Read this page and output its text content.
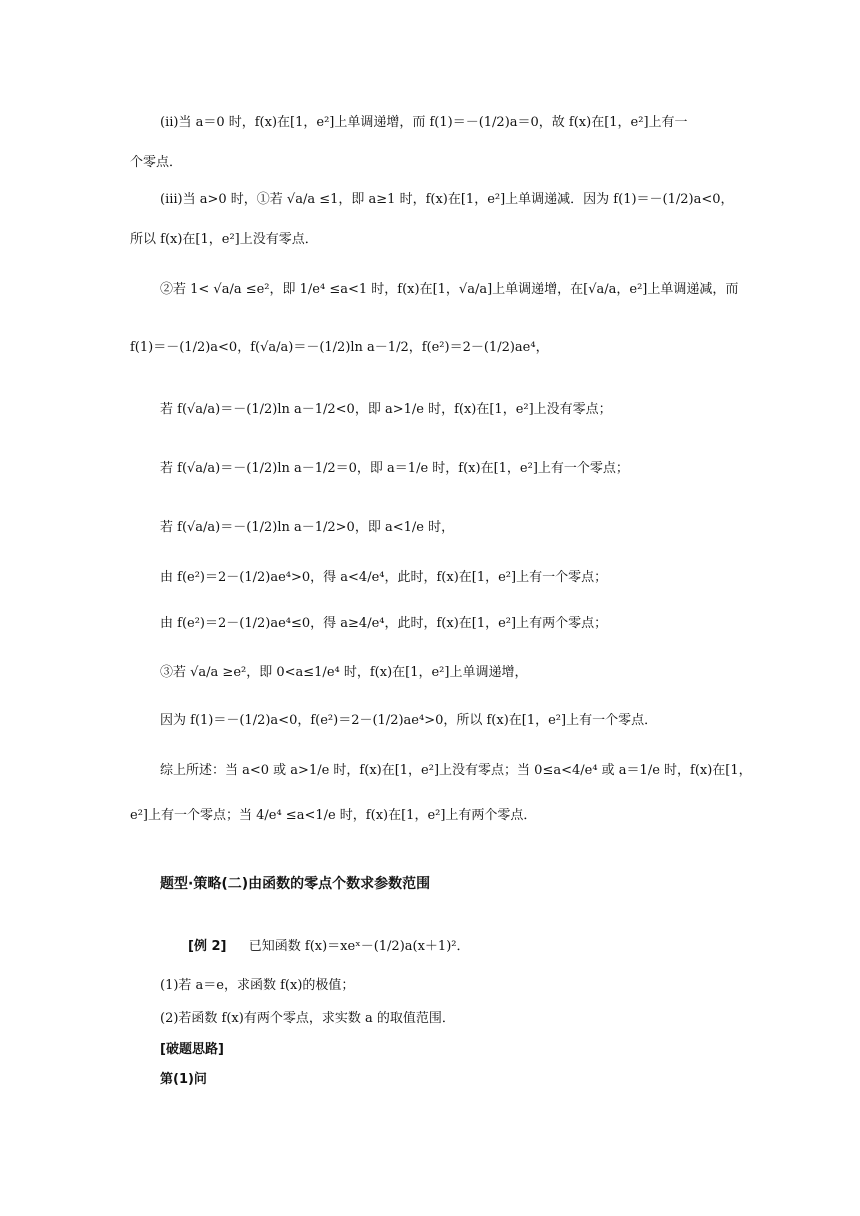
(ⅱ)当 a＝0 时，f(x)在[1，e²]上单调递增，而 f(1)＝－(1/2)a＝0，故 f(x)在[1，e²]上有一
个零点．
(ⅲ)当 a>0 时，①若 √a/a ≤1，即 a≥1 时，f(x)在[1，e²]上单调递减．因为 f(1)＝－(1/2)a<0，
所以 f(x)在[1，e²]上没有零点．
②若 1< √a/a ≤e²，即 1/e⁴ ≤a<1 时，f(x)在[1，√a/a]上单调递增，在[√a/a，e²]上单调递减，而
f(1)＝－(1/2)a<0，f(√a/a)＝－(1/2)ln a－1/2，f(e²)＝2－(1/2)ae⁴，
若 f(√a/a)＝－(1/2)ln a－1/2<0，即 a>1/e 时，f(x)在[1，e²]上没有零点；
若 f(√a/a)＝－(1/2)ln a－1/2＝0，即 a＝1/e 时，f(x)在[1，e²]上有一个零点；
若 f(√a/a)＝－(1/2)ln a－1/2>0，即 a<1/e 时，
由 f(e²)＝2－(1/2)ae⁴>0，得 a<4/e⁴，此时，f(x)在[1，e²]上有一个零点；
由 f(e²)＝2－(1/2)ae⁴≤0，得 a≥4/e⁴，此时，f(x)在[1，e²]上有两个零点；
③若 √a/a ≥e²，即 0<a≤1/e⁴ 时，f(x)在[1，e²]上单调递增，
因为 f(1)＝－(1/2)a<0，f(e²)＝2－(1/2)ae⁴>0，所以 f(x)在[1，e²]上有一个零点．
综上所述：当 a<0 或 a>1/e 时，f(x)在[1，e²]上没有零点；当 0≤a<4/e⁴ 或 a＝1/e 时，f(x)在[1，
e²]上有一个零点；当 4/e⁴ ≤a<1/e 时，f(x)在[1，e²]上有两个零点．
题型·策略(二)由函数的零点个数求参数范围
[例 2] 已知函数 f(x)＝xeˣ－(1/2)a(x＋1)²．
(1)若 a＝e，求函数 f(x)的极值；
(2)若函数 f(x)有两个零点，求实数 a 的取值范围．
[破题思路]
第(1)问
